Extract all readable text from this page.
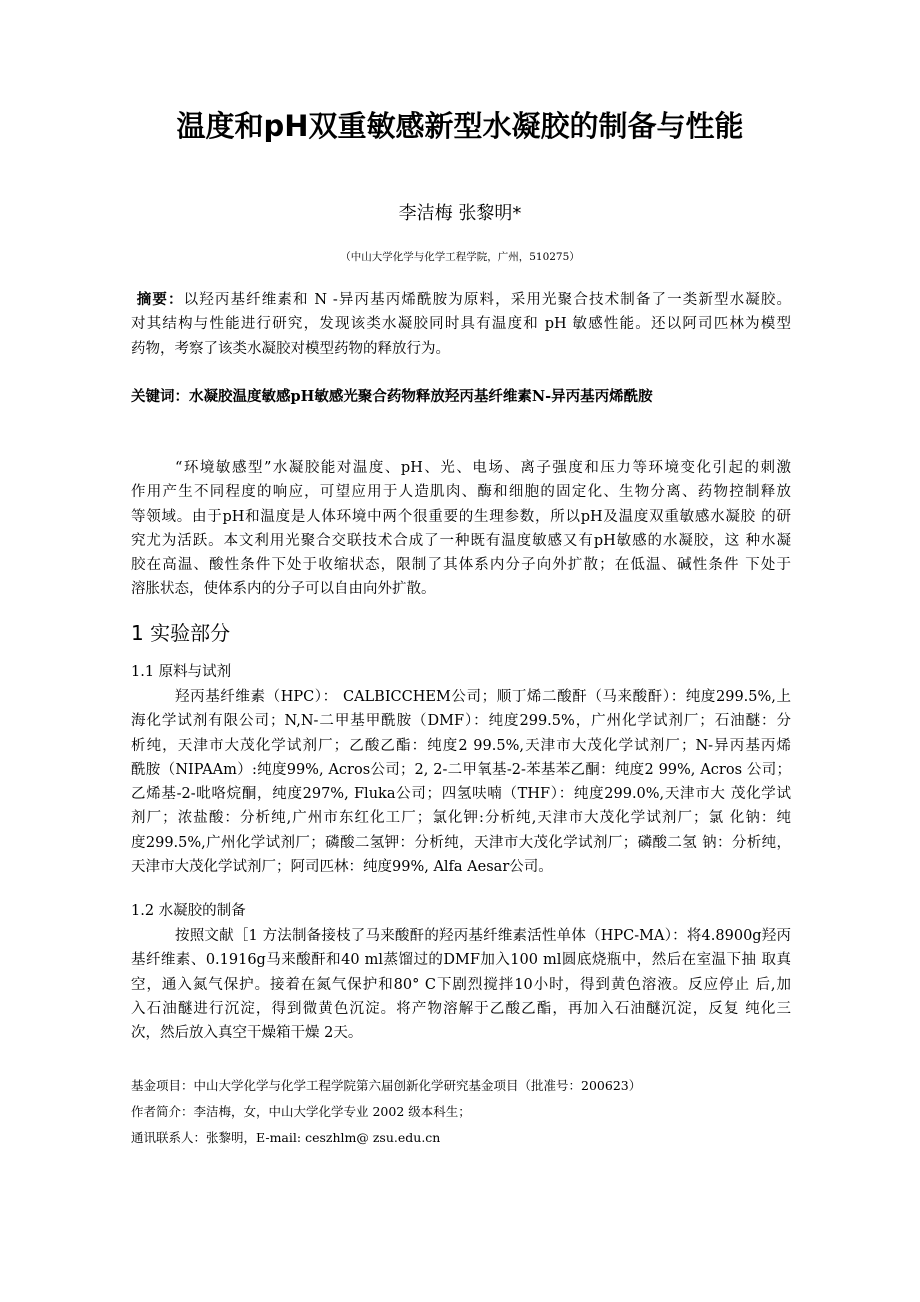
温度和pH双重敏感新型水凝胶的制备与性能
李洁梅 张黎明*
（中山大学化学与化学工程学院，广州，510275）
摘要：以羟丙基纤维素和 N -异丙基丙烯酰胺为原料，采用光聚合技术制备了一类新型水凝胶。
对其结构与性能进行研究，发现该类水凝胶同时具有温度和 pH 敏感性能。还以阿司匹林为模型
药物，考察了该类水凝胶对模型药物的释放行为。
关键词：水凝胶温度敏感pH敏感光聚合药物释放羟丙基纤维素N-异丙基丙烯酰胺
“环境敏感型”水凝胶能对温度、pH、光、电场、离子强度和压力等环境变化引起的刺激
作用产生不同程度的响应，可望应用于人造肌肉、酶和细胞的固定化、生物分离、药物控制释放
等领域。由于pH和温度是人体环境中两个很重要的生理参数，所以pH及温度双重敏感水凝胶 的研
究尤为活跃。本文利用光聚合交联技术合成了一种既有温度敏感又有pH敏感的水凝胶，这 种水凝
胶在高温、酸性条件下处于收缩状态，限制了其体系内分子向外扩散；在低温、碱性条件 下处于
溶胀状态，使体系内的分子可以自由向外扩散。
1 实验部分
1.1 原料与试剂
羟丙基纤维素（HPC）： CALBICCHEM公司；顺丁烯二酸酐（马来酸酐）：纯度299.5%,上
海化学试剂有限公司；N,N-二甲基甲酰胺（DMF）：纯度299.5%，广州化学试剂厂；石油醚：分
析纯，天津市大茂化学试剂厂；乙酸乙酯：纯度2 99.5%,天津市大茂化学试剂厂；N-异丙基丙烯
酰胺（NIPAAm）:纯度99%, Acros公司；2, 2-二甲氧基-2-苯基苯乙酮：纯度2 99%, Acros 公司；
乙烯基-2-吡咯烷酮，纯度297%, Fluka公司；四氢呋喃（THF）：纯度299.0%,天津市大 茂化学试
剂厂；浓盐酸：分析纯,广州市东红化工厂；氯化钾:分析纯,天津市大茂化学试剂厂；氯 化钠：纯
度299.5%,广州化学试剂厂；磷酸二氢钾：分析纯，天津市大茂化学试剂厂；磷酸二氢 钠：分析纯，
天津市大茂化学试剂厂；阿司匹林：纯度99%, Alfa Aesar公司。
1.2 水凝胶的制备
按照文献［1 方法制备接枝了马来酸酐的羟丙基纤维素活性单体（HPC-MA）：将4.8900g羟丙
基纤维素、0.1916g马来酸酐和40 ml蒸馏过的DMF加入100 ml圆底烧瓶中，然后在室温下抽 取真
空，通入氮气保护。接着在氮气保护和80° C下剧烈搅拌10小时，得到黄色溶液。反应停止 后,加
入石油醚进行沉淀，得到微黄色沉淀。将产物溶解于乙酸乙酯，再加入石油醚沉淀，反复 纯化三
次，然后放入真空干燥箱干燥 2天。
基金项目：中山大学化学与化学工程学院第六届创新化学研究基金项目（批准号：200623）
作者简介：李洁梅，女，中山大学化学专业 2002 级本科生；
通讯联系人：张黎明，E-mail: ceszhlm@ zsu.edu.cn
